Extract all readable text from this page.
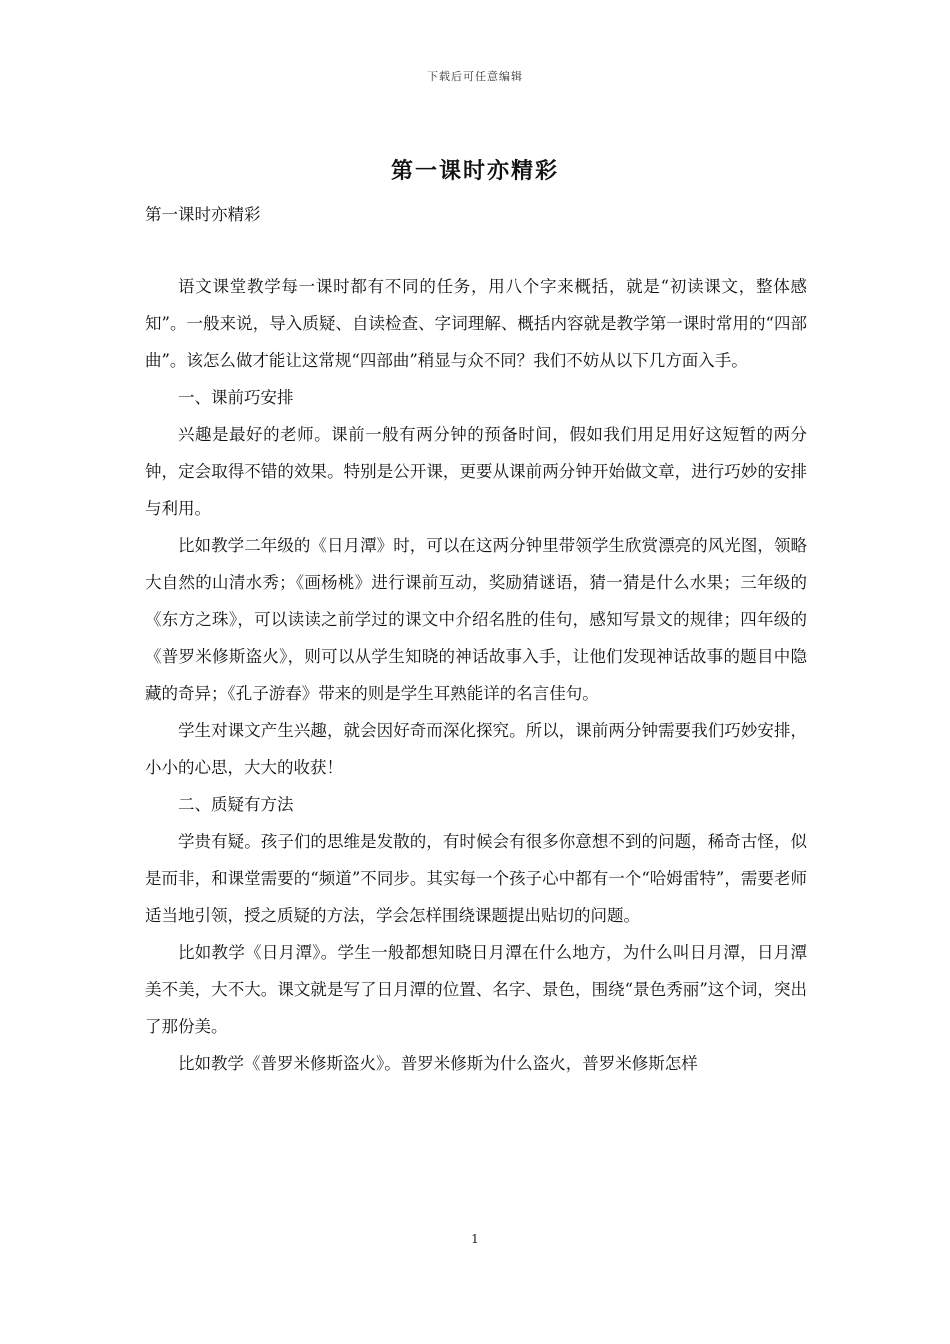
下载后可任意编辑
第一课时亦精彩
第一课时亦精彩

语文课堂教学每一课时都有不同的任务，用八个字来概括，就是“初读课文，整体感知”。一般来说，导入质疑、自读检查、字词理解、概括内容就是教学第一课时常用的“四部曲”。该怎么做才能让这常规“四部曲”稍显与众不同？我们不妨从以下几方面入手。

一、课前巧安排

兴趣是最好的老师。课前一般有两分钟的预备时间，假如我们用足用好这短暂的两分钟，定会取得不错的效果。特别是公开课，更要从课前两分钟开始做文章，进行巧妙的安排与利用。

比如教学二年级的《日月潭》时，可以在这两分钟里带领学生欣赏漂亮的风光图，领略大自然的山清水秀；《画杨桃》进行课前互动，奖励猜谜语，猜一猜是什么水果；三年级的《东方之珠》，可以读读之前学过的课文中介绍名胜的佳句，感知写景文的规律；四年级的《普罗米修斯盗火》，则可以从学生知晓的神话故事入手，让他们发现神话故事的题目中隐藏的奇异；《孔子游春》带来的则是学生耳熟能详的名言佳句。

学生对课文产生兴趣，就会因好奇而深化探究。所以，课前两分钟需要我们巧妙安排，小小的心思，大大的收获！

二、质疑有方法

学贵有疑。孩子们的思维是发散的，有时候会有很多你意想不到的问题，稀奇古怪，似是而非，和课堂需要的“频道”不同步。其实每一个孩子心中都有一个“哈姆雷特”，需要老师适当地引领，授之质疑的方法，学会怎样围绕课题提出贴切的问题。

比如教学《日月潭》。学生一般都想知晓日月潭在什么地方，为什么叫日月潭，日月潭美不美，大不大。课文就是写了日月潭的位置、名字、景色，围绕“景色秀丽”这个词，突出了那份美。

比如教学《普罗米修斯盗火》。普罗米修斯为什么盗火，普罗米修斯怎样

1
